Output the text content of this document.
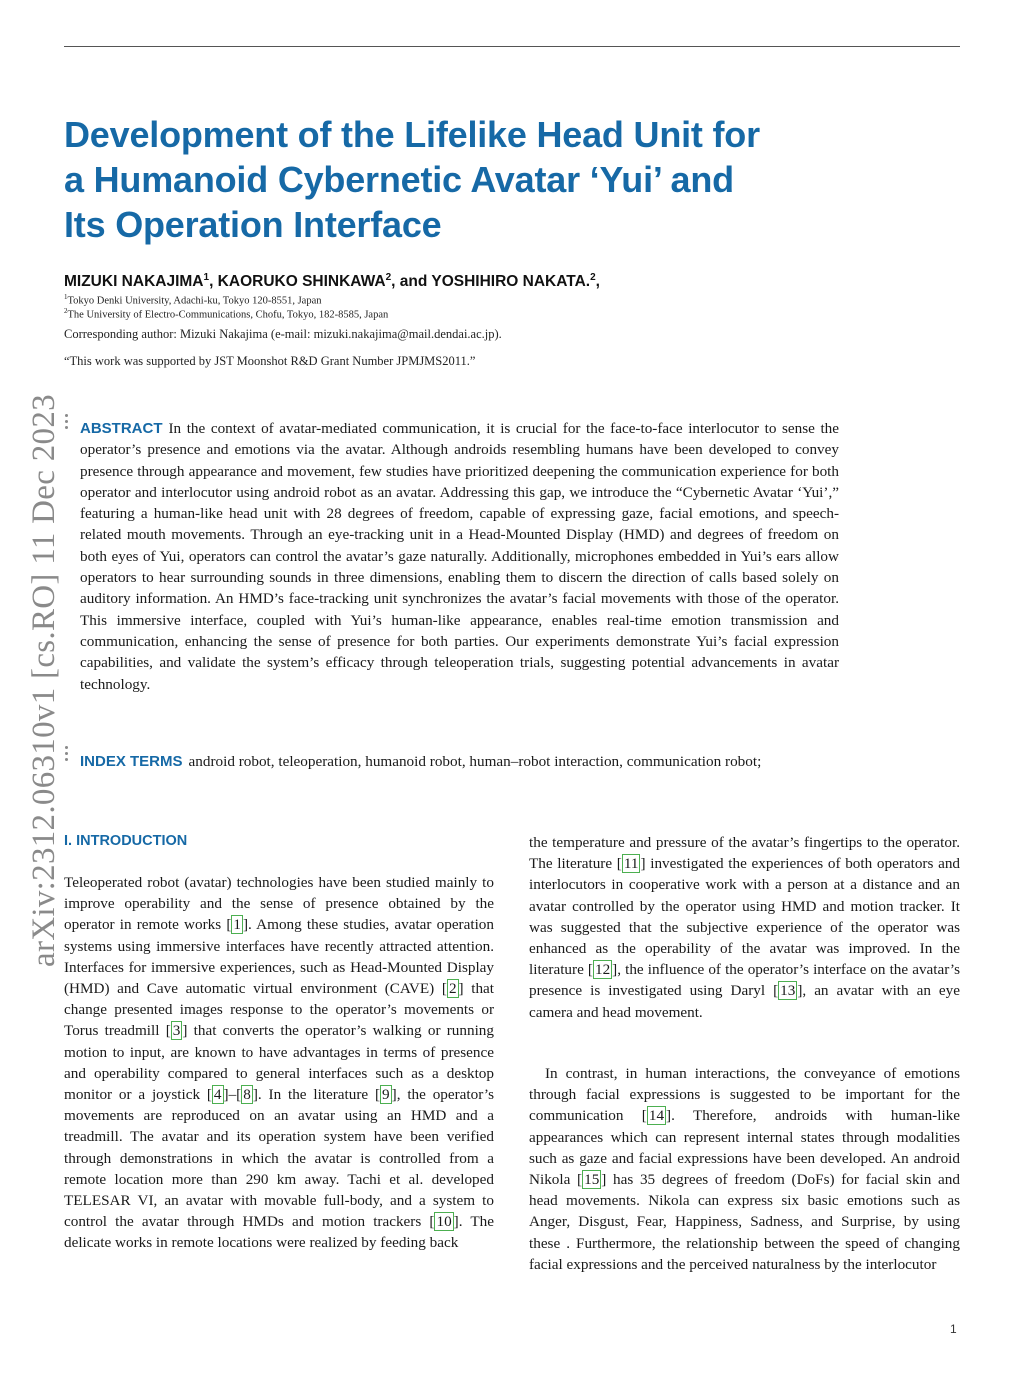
Development of the Lifelike Head Unit for
a Humanoid Cybernetic Avatar ‘Yui’ and
Its Operation Interface
MIZUKI NAKAJIMA$^1$, KAORUKO SHINKAWA$^2$, and YOSHIHIRO NAKATA.$^2$,
$^1$Tokyo Denki University, Adachi-ku, Tokyo 120-8551, Japan
$^2$The University of Electro-Communications, Chofu, Tokyo, 182-8585, Japan
Corresponding author: Mizuki Nakajima (e-mail: mizuki.nakajima@mail.dendai.ac.jp).
“This work was supported by JST Moonshot R&D Grant Number JPMJMS2011.”
arXiv:2312.06310v1 [cs.RO] 11 Dec 2023 ABSTRACT In the context of avatar-mediated communication, it is crucial for the face-to-face interlocutor to sense the operator’s presence and emotions via the avatar. Although androids resembling humans have been developed to convey presence through appearance and movement, few studies have prioritized deepening the communication experience for both operator and interlocutor using android robot as an avatar. Addressing this gap, we introduce the “Cybernetic Avatar ‘Yui’,” featuring a human-like head unit with 28 degrees of freedom, capable of expressing gaze, facial emotions, and speech-related mouth movements. Through an eye-tracking unit in a Head-Mounted Display (HMD) and degrees of freedom on both eyes of Yui, operators can control the avatar’s gaze naturally. Additionally, microphones embedded in Yui’s ears allow operators to hear surrounding sounds in three dimensions, enabling them to discern the direction of calls based solely on auditory information. An HMD’s face-tracking unit synchronizes the avatar’s facial movements with those of the operator. This immersive interface, coupled with Yui’s human-like appearance, enables real-time emotion transmission and communication, enhancing the sense of presence for both parties. Our experiments demonstrate Yui’s facial expression capabilities, and validate the system’s efficacy through teleoperation trials, suggesting potential advancements in avatar technology.

INDEX TERMS android robot, teleoperation, humanoid robot, human–robot interaction, communication robot;

I. INTRODUCTION

Teleoperated robot (avatar) technologies have been studied mainly to improve operability and the sense of presence obtained by the operator in remote works [ 1 ]. Among these studies, avatar operation systems using immersive interfaces have recently attracted attention. Interfaces for immersive experiences, such as Head-Mounted Display (HMD) and Cave automatic virtual environment (CAVE) [ 2 ] that change presented images response to the operator’s movements or Torus treadmill [ 3 ] that converts the operator’s walking or running motion to input, are known to have advantages in terms of presence and operability compared to general interfaces such as a desktop monitor or a joystick [ 4 ]–[ 8 ]. In the literature [ 9 ], the operator’s movements are reproduced on an avatar using an HMD and a treadmill. The avatar and its operation system have been verified through demonstrations in which the avatar is controlled from a remote location more than 290 km away. Tachi et al. developed TELESAR VI, an avatar with movable full-body, and a system to control the avatar through HMDs and motion trackers [ 10 ]. The delicate works in remote locations were realized by feeding back

the temperature and pressure of the avatar’s fingertips to the operator. The literature [ 11 ] investigated the experiences of both operators and interlocutors in cooperative work with a person at a distance and an avatar controlled by the operator using HMD and motion tracker. It was suggested that the subjective experience of the operator was enhanced as the operability of the avatar was improved. In the literature [ 12 ], the influence of the operator’s interface on the avatar’s presence is investigated using Daryl [ 13 ], an avatar with an eye camera and head movement.

In contrast, in human interactions, the conveyance of emotions through facial expressions is suggested to be important for the communication [ 14 ]. Therefore, androids with human-like appearances which can represent internal states through modalities such as gaze and facial expressions have been developed. An android Nikola [ 15 ] has 35 degrees of freedom (DoFs) for facial skin and head movements. Nikola can express six basic emotions such as Anger, Disgust, Fear, Happiness, Sadness, and Surprise, by using these . Furthermore, the relationship between the speed of changing facial expressions and the perceived naturalness by the interlocutor

1
